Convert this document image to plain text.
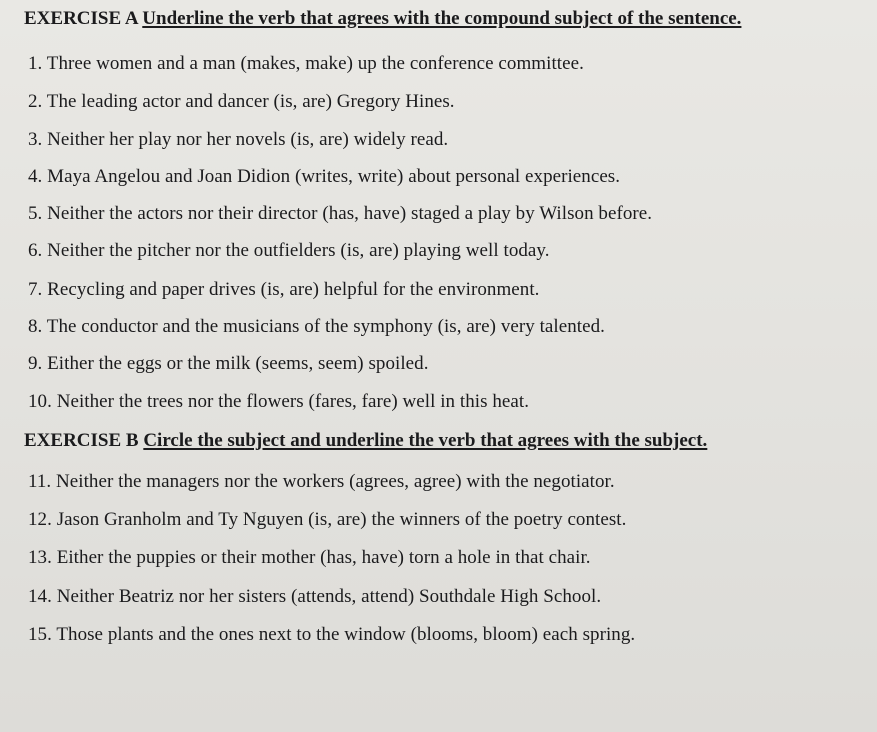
EXERCISE A Underline the verb that agrees with the compound subject of the sentence.
1. Three women and a man (makes, make) up the conference committee.
2. The leading actor and dancer (is, are) Gregory Hines.
3. Neither her play nor her novels (is, are) widely read.
4. Maya Angelou and Joan Didion (writes, write) about personal experiences.
5. Neither the actors nor their director (has, have) staged a play by Wilson before.
6. Neither the pitcher nor the outfielders (is, are) playing well today.
7. Recycling and paper drives (is, are) helpful for the environment.
8. The conductor and the musicians of the symphony (is, are) very talented.
9. Either the eggs or the milk (seems, seem) spoiled.
10. Neither the trees nor the flowers (fares, fare) well in this heat.
EXERCISE B Circle the subject and underline the verb that agrees with the subject.
11. Neither the managers nor the workers (agrees, agree) with the negotiator.
12. Jason Granholm and Ty Nguyen (is, are) the winners of the poetry contest.
13. Either the puppies or their mother (has, have) torn a hole in that chair.
14. Neither Beatriz nor her sisters (attends, attend) Southdale High School.
15. Those plants and the ones next to the window (blooms, bloom) each spring.
